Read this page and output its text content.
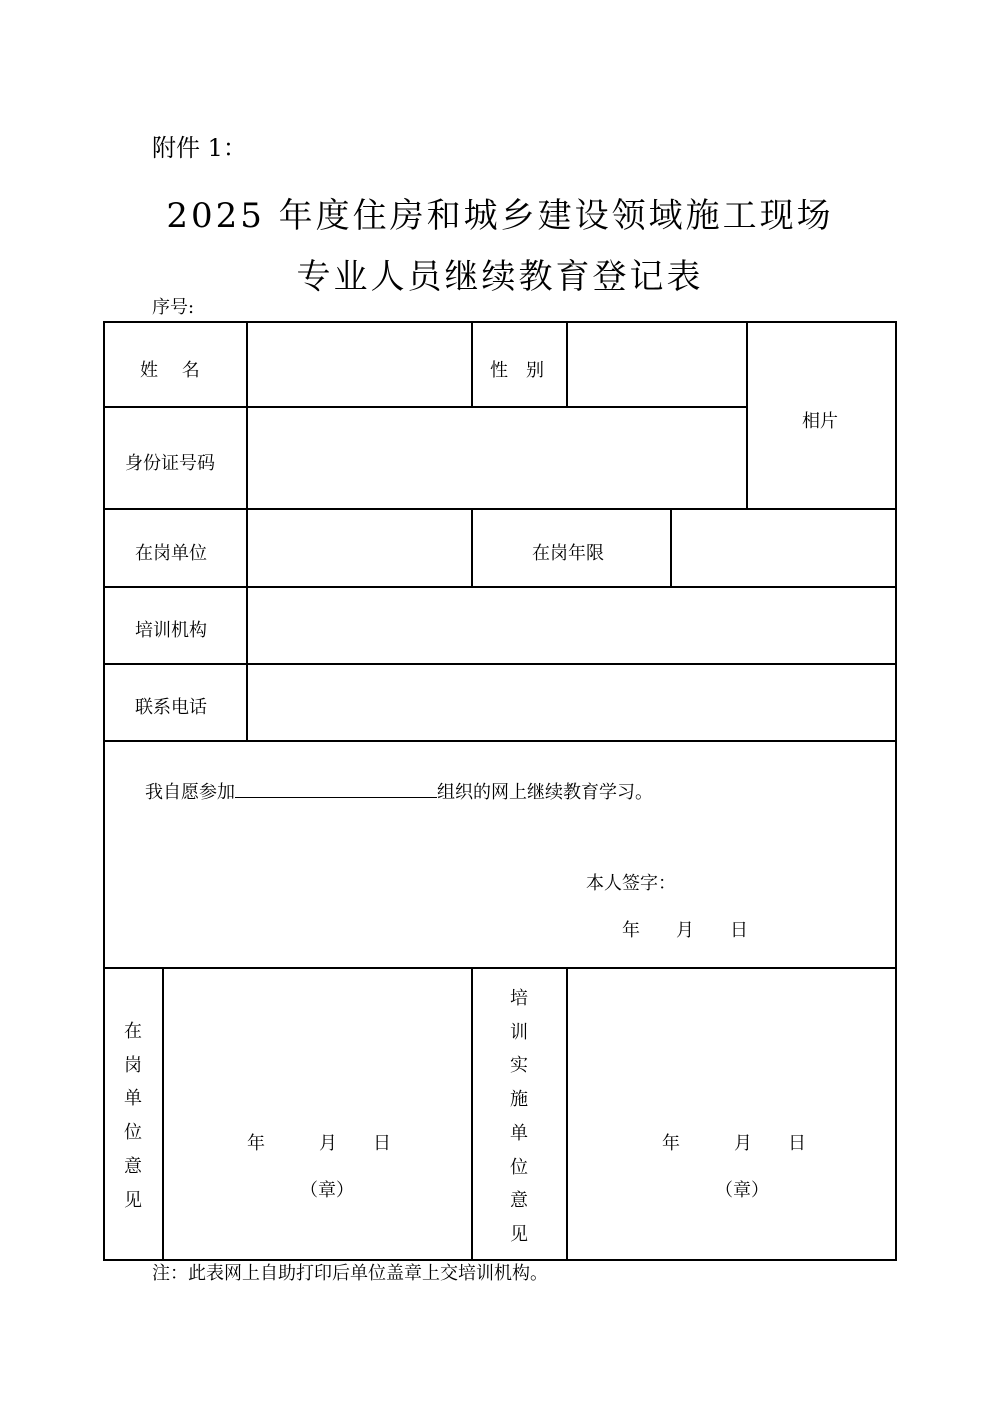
附件 1：
2025 年度住房和城乡建设领域施工现场
专业人员继续教育登记表
序号:
姓　 名	性　别
相片
身份证号码
在岗单位	在岗年限
培训机构
联系电话
我自愿参加	组织的网上继续教育学习。
本人签字：
年　　月　　日
在岗单位意见
年　　　月　　日
（章）
培训实施单位意见
年　　　月　　日
（章）
注：此表网上自助打印后单位盖章上交培训机构。
